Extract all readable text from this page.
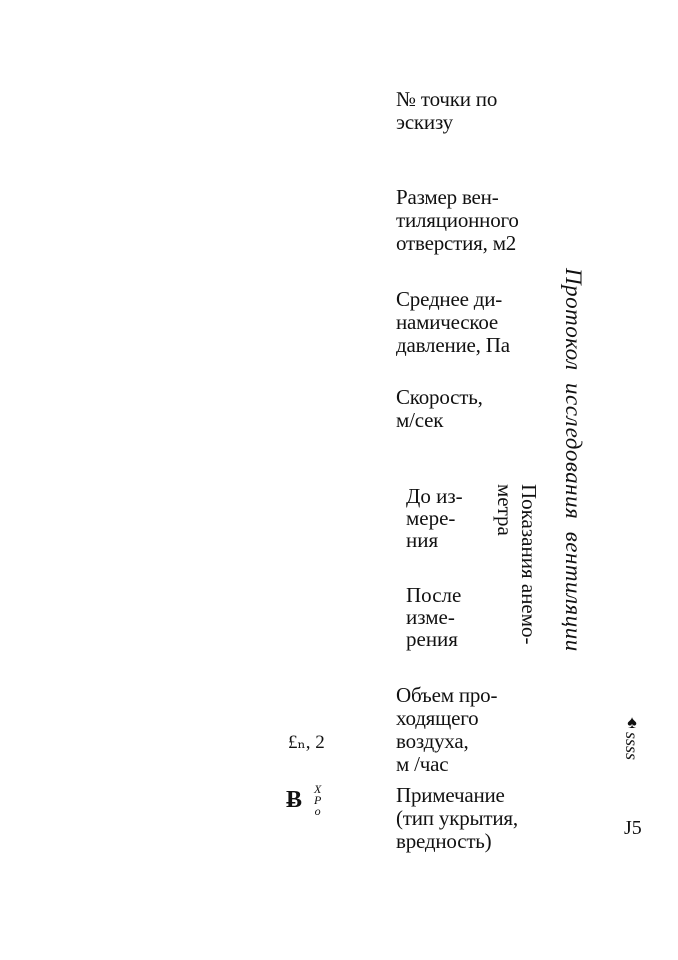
№ точки по
эскизу
Размер вен-
тиляционного
отверстия, м2
Среднее ди-
намическое
давление, Па
Скорость,
м/сек
До из-
мере-
ния
После
изме-
рения
Показания анемо-
метра
Объем про-
ходящего
воздуха,
м /час
Примечание
(тип укрытия,
вредность)
Протокол  исследования  вентиляции
£ₙ, 2
Ƀ X
P
o
♠ssss
J5
